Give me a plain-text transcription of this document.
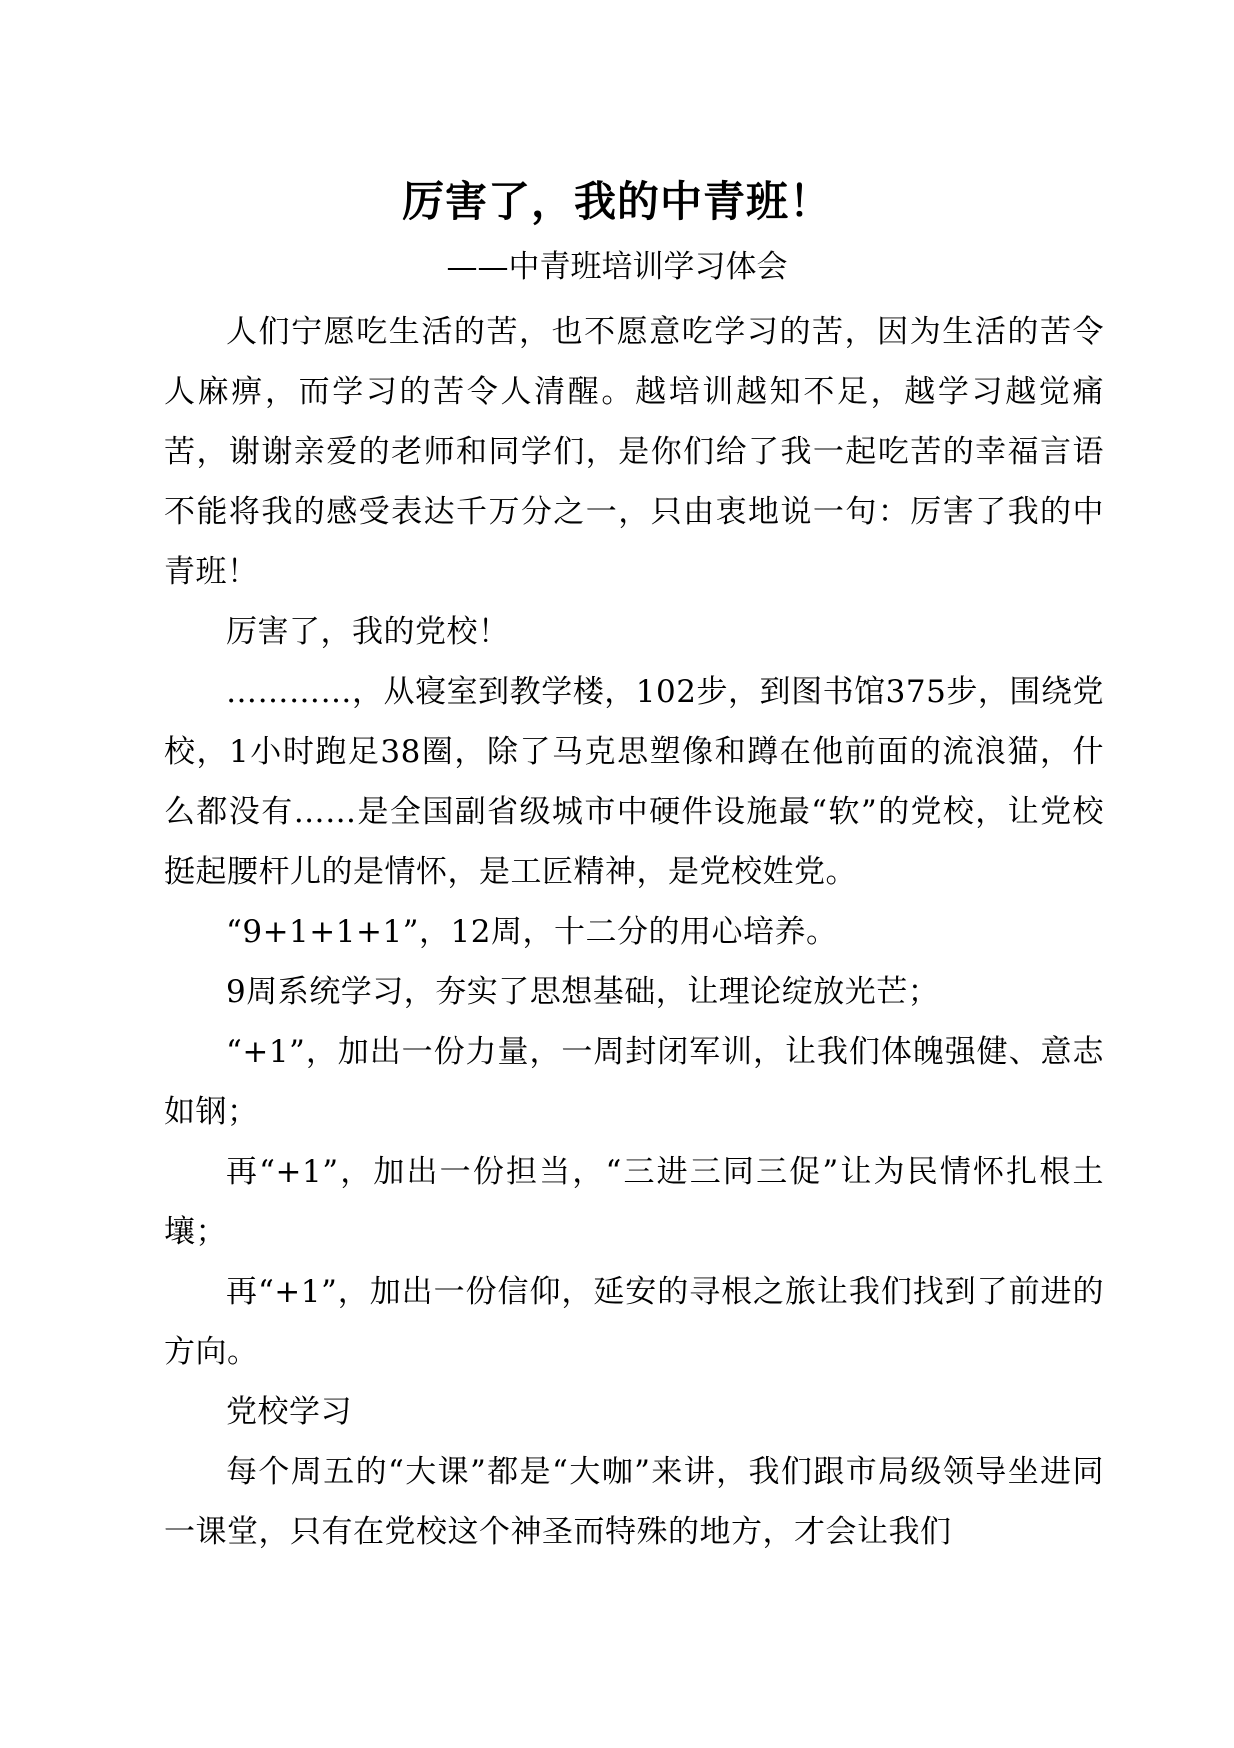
厉害了，我的中青班！

——中青班培训学习体会

人们宁愿吃生活的苦，也不愿意吃学习的苦，因为生活的苦令人麻痹，而学习的苦令人清醒。越培训越知不足，越学习越觉痛苦，谢谢亲爱的老师和同学们，是你们给了我一起吃苦的幸福言语不能将我的感受表达千万分之一，只由衷地说一句：厉害了我的中青班！

厉害了，我的党校！

…………，从寝室到教学楼，102步，到图书馆375步，围绕党校，1小时跑足38圈，除了马克思塑像和蹲在他前面的流浪猫，什么都没有……是全国副省级城市中硬件设施最“软”的党校，让党校挺起腰杆儿的是情怀，是工匠精神，是党校姓党。

“9+1+1+1”，12周，十二分的用心培养。

9周系统学习，夯实了思想基础，让理论绽放光芒；

“+1”，加出一份力量，一周封闭军训，让我们体魄强健、意志如钢；

再“+1”，加出一份担当，“三进三同三促”让为民情怀扎根土壤；

再“+1”，加出一份信仰，延安的寻根之旅让我们找到了前进的方向。

党校学习

每个周五的“大课”都是“大咖”来讲，我们跟市局级领导坐进同一课堂，只有在党校这个神圣而特殊的地方，才会让我们
